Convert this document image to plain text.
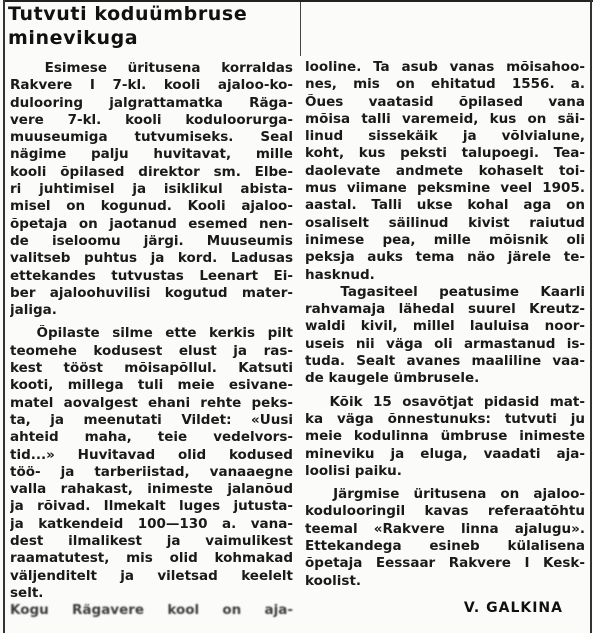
Tutvuti koduümbruse
minevikuga
Esimese üritusena korraldas
Rakvere I 7-kl. kooli ajaloo-ko-
dulooring jalgrattamatka Räga-
vere 7-kl. kooli koduloorurga-
muuseumiga tutvumiseks. Seal
nägime palju huvitavat, mille
kooli õpilased direktor sm. Elbe-
ri juhtimisel ja isiklikul abista-
misel on kogunud. Kooli ajaloo-
õpetaja on jaotanud esemed nen-
de iseloomu järgi. Muuseumis
valitseb puhtus ja kord. Ladusas
ettekandes tutvustas Leenart Ei-
ber ajaloohuvilisi kogutud mater-
jaliga.
Õpilaste silme ette kerkis pilt
teomehe kodusest elust ja ras-
kest tööst mõisapõllul. Katsuti
kooti, millega tuli meie esivane-
matel aovalgest ehani rehte peks-
ta, ja meenutati Vildet: «Uusi
ahteid maha, teie vedelvors-
tid...» Huvitavad olid kodused
töö- ja tarberiistad, vanaaegne
valla rahakast, inimeste jalanõud
ja rõivad. Ilmekalt luges jutusta-
ja katkendeid 100—130 a. vana-
dest ilmalikest ja vaimulikest
raamatutest, mis olid kohmakad
väljenditelt ja viletsad keelelt
selt.
Kogu Rägavere kool on aja-
looline. Ta asub vanas mõisahoo-
nes, mis on ehitatud 1556. a.
Õues vaatasid õpilased vana
mõisa talli varemeid, kus on säi-
linud sissekäik ja võlvialune,
koht, kus peksti talupoegi. Tea-
daolevate andmete kohaselt toi-
mus viimane peksmine veel 1905.
aastal. Talli ukse kohal aga on
osaliselt säilinud kivist raiutud
inimese pea, mille mõisnik oli
peksja auks tema näo järele te-
hasknud.
Tagasiteel peatusime Kaarli
rahvamaja lähedal suurel Kreutz-
waldi kivil, millel lauluisa noor-
useis nii väga oli armastanud is-
tuda. Sealt avanes maaliline vaa-
de kaugele ümbrusele.
Kõik 15 osavõtjat pidasid mat-
ka väga õnnestunuks: tutvuti ju
meie kodulinna ümbruse inimeste
mineviku ja eluga, vaadati aja-
loolisi paiku.
Järgmise üritusena on ajaloo-
kodulooringil kavas referaatõhtu
teemal «Rakvere linna ajalugu».
Ettekandega esineb külalisena
õpetaja Eessaar Rakvere I Kesk-
koolist.
V. GALKINA
